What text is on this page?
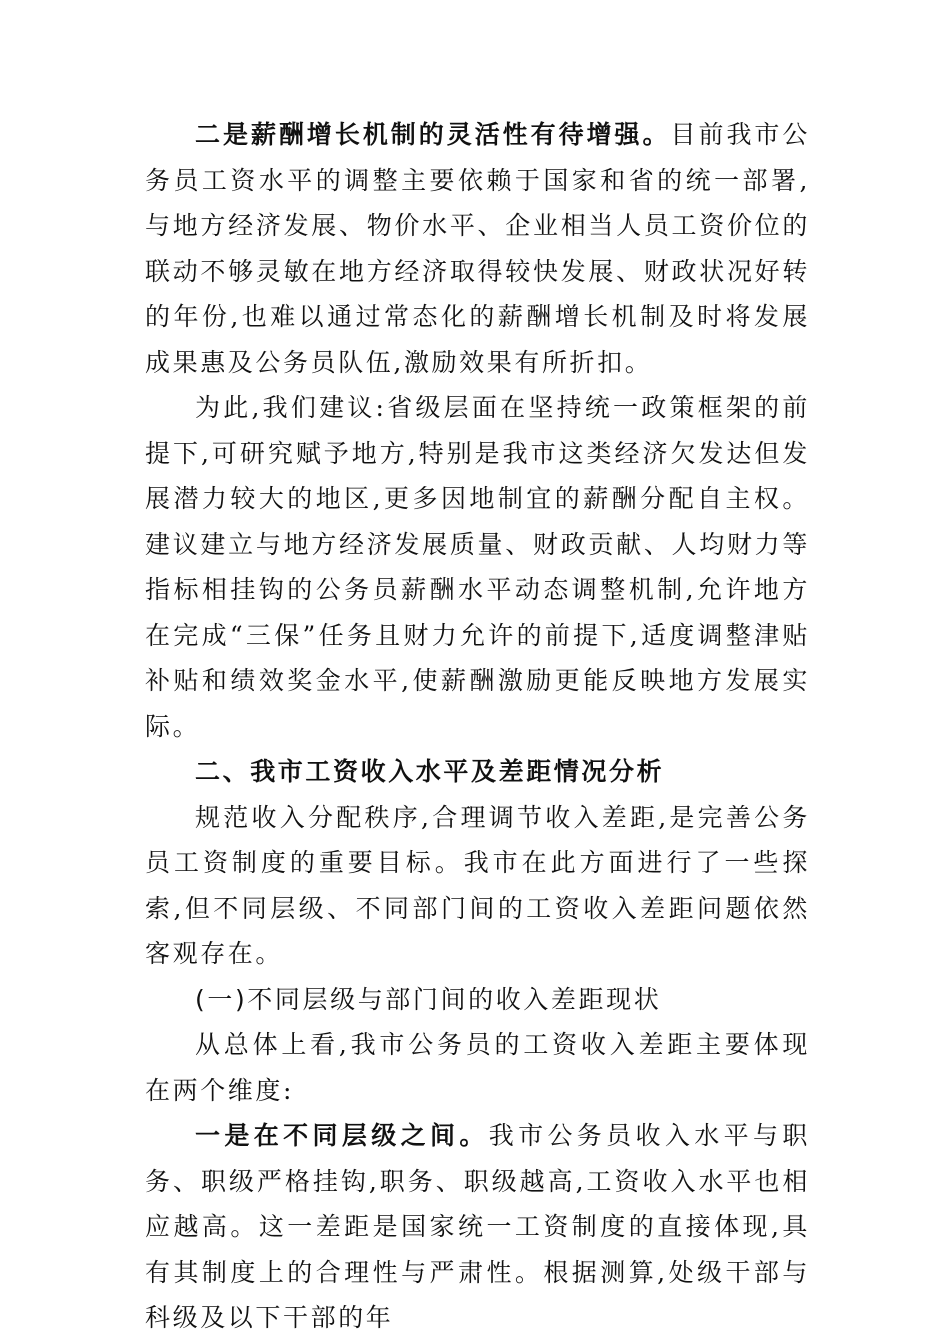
二是薪酬增长机制的灵活性有待增强。目前我市公务员工资水平的调整主要依赖于国家和省的统一部署,与地方经济发展、物价水平、企业相当人员工资价位的联动不够灵敏在地方经济取得较快发展、财政状况好转的年份,也难以通过常态化的薪酬增长机制及时将发展成果惠及公务员队伍,激励效果有所折扣。

为此,我们建议:省级层面在坚持统一政策框架的前提下,可研究赋予地方,特别是我市这类经济欠发达但发展潜力较大的地区,更多因地制宜的薪酬分配自主权。建议建立与地方经济发展质量、财政贡献、人均财力等指标相挂钩的公务员薪酬水平动态调整机制,允许地方在完成“三保”任务且财力允许的前提下,适度调整津贴补贴和绩效奖金水平,使薪酬激励更能反映地方发展实际。

二、我市工资收入水平及差距情况分析

规范收入分配秩序,合理调节收入差距,是完善公务员工资制度的重要目标。我市在此方面进行了一些探索,但不同层级、不同部门间的工资收入差距问题依然客观存在。

(一)不同层级与部门间的收入差距现状

从总体上看,我市公务员的工资收入差距主要体现在两个维度:

一是在不同层级之间。我市公务员收入水平与职务、职级严格挂钩,职务、职级越高,工资收入水平也相应越高。这一差距是国家统一工资制度的直接体现,具有其制度上的合理性与严肃性。根据测算,处级干部与科级及以下干部的年
